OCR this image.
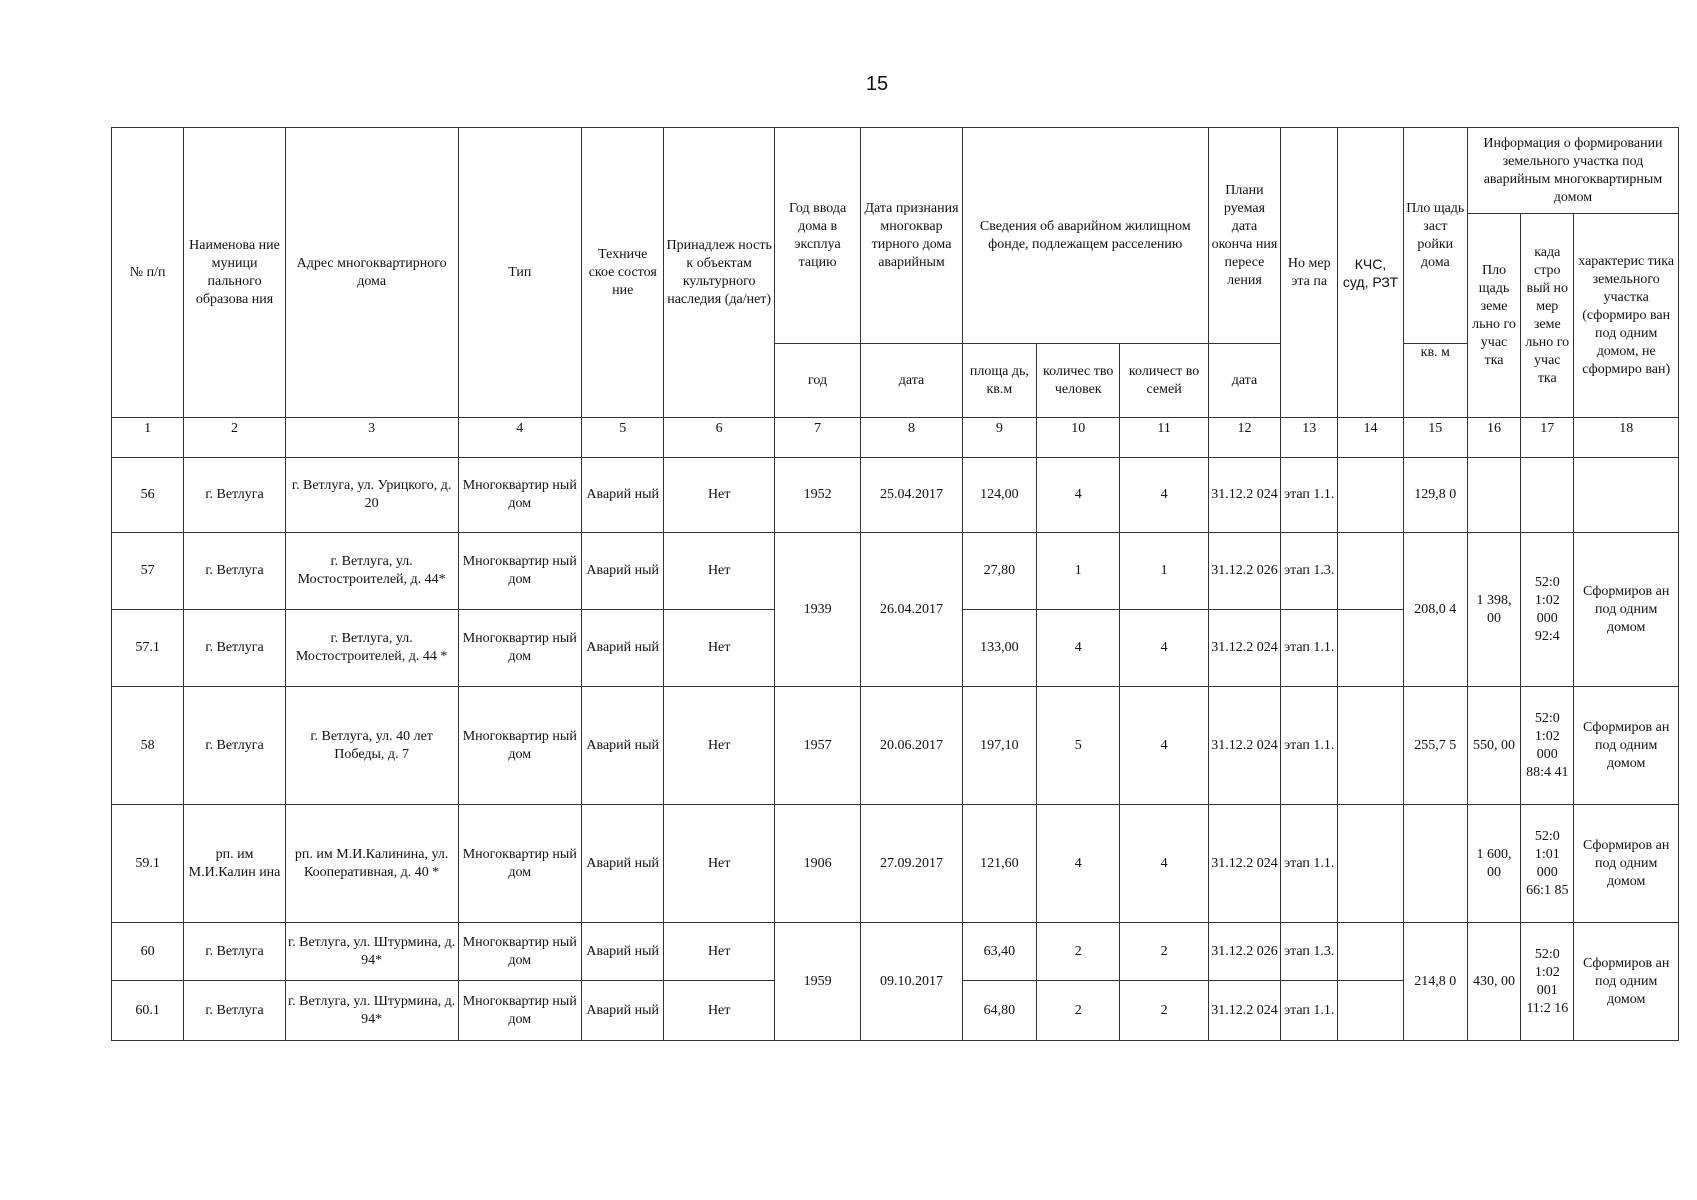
15
№ п/п	Наименова ние муници пального образова ния	Адрес многоквартирного дома	Тип	Техниче ское состоя ние	Принадлеж ность к объектам культурного наследия (да/нет)	Год ввода дома в эксплуа тацию	Дата признания многоквар тирного дома аварийным	Сведения об аварийном жилищном фонде, подлежащем расселению			Плани руемая дата оконча ния пересе ления	Но мер эта па	КЧС, суд, РЗТ	Пло щадь заст ройки дома	Информация о формировании земельного участка под аварийным многоквартирным домом		
															Пло щадь земе льно го учас тка	када стро вый но мер земе льно го учас тка	характерис тика земельного участка (сформиро ван под одним домом, не сформиро ван)
						год	дата	площа дь, кв.м	количес тво человек	количест во семей	дата			кв. м			
1	2	3	4	5	6	7	8	9	10	11	12	13	14	15	16	17	18
56	г. Ветлуга	г. Ветлуга, ул. Урицкого, д. 20	Многоквартир ный дом	Аварий ный	Нет	1952	25.04.2017	124,00	4	4	31.12.2 024	этап 1.1.		129,8 0			
57	г. Ветлуга	г. Ветлуга, ул. Мостостроителей, д. 44*	Многоквартир ный дом	Аварий ный	Нет	1939	26.04.2017	27,80	1	1	31.12.2 026	этап 1.3.		208,0 4	1 398, 00	52:0 1:02 000 92:4	Сформиров ан под одним домом
57.1	г. Ветлуга	г. Ветлуга, ул. Мостостроителей, д. 44 *	Многоквартир ный дом	Аварий ный	Нет			133,00	4	4	31.12.2 024	этап 1.1.					
58	г. Ветлуга	г. Ветлуга, ул. 40 лет Победы, д. 7	Многоквартир ный дом	Аварий ный	Нет	1957	20.06.2017	197,10	5	4	31.12.2 024	этап 1.1.		255,7 5	550, 00	52:0 1:02 000 88:4 41	Сформиров ан под одним домом
59.1	рп. им М.И.Калин ина	рп. им М.И.Калинина, ул. Кооперативная, д. 40 *	Многоквартир ный дом	Аварий ный	Нет	1906	27.09.2017	121,60	4	4	31.12.2 024	этап 1.1.			1 600, 00	52:0 1:01 000 66:1 85	Сформиров ан под одним домом
60	г. Ветлуга	г. Ветлуга, ул. Штурмина, д. 94*	Многоквартир ный дом	Аварий ный	Нет	1959	09.10.2017	63,40	2	2	31.12.2 026	этап 1.3.		214,8 0	430, 00	52:0 1:02 001 11:2 16	Сформиров ан под одним домом
60.1	г. Ветлуга	г. Ветлуга, ул. Штурмина, д. 94*	Многоквартир ный дом	Аварий ный	Нет			64,80	2	2	31.12.2 024	этап 1.1.					
